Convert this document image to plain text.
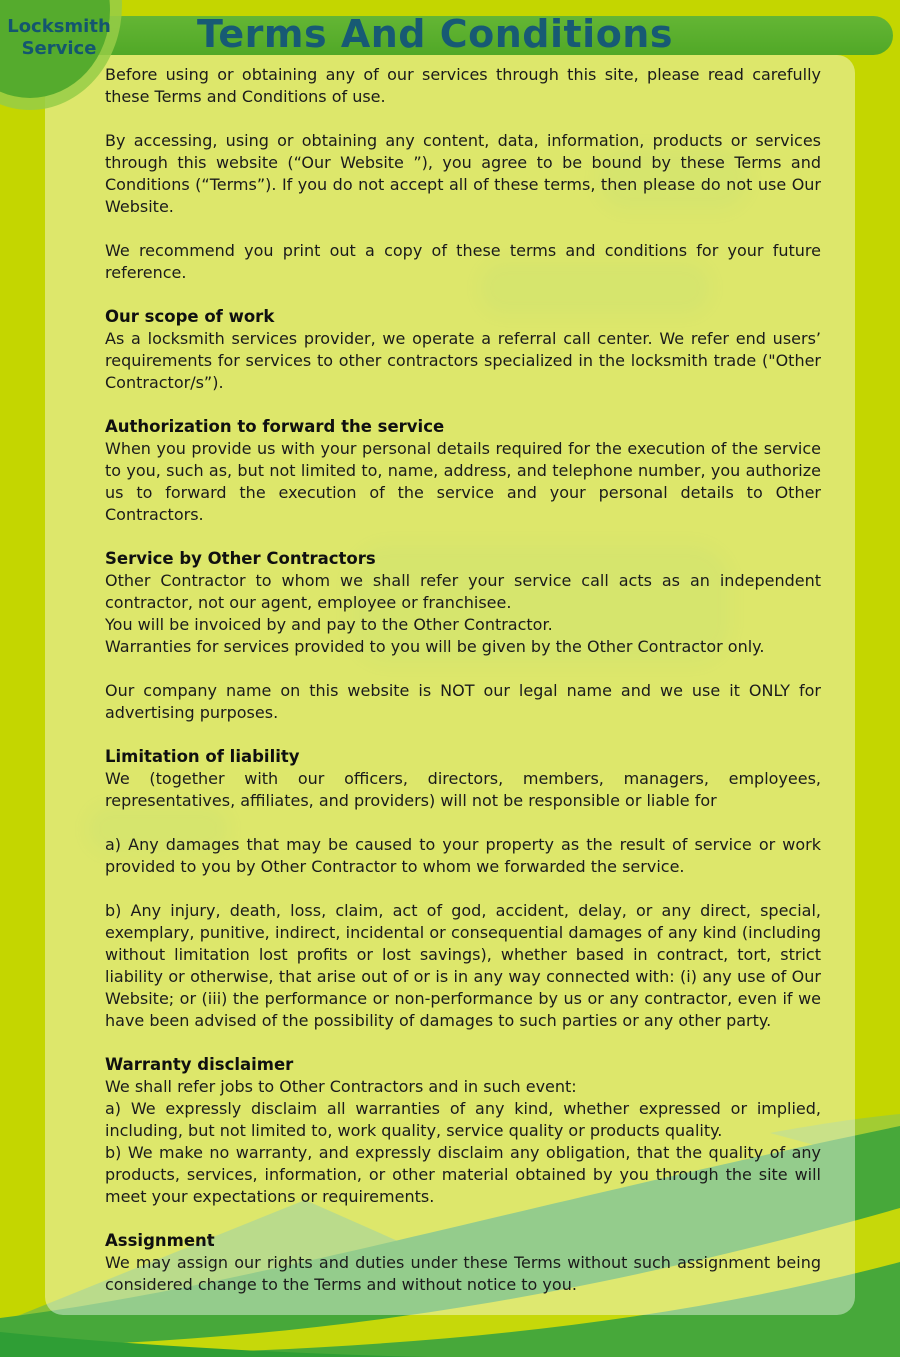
Terms And Conditions
Locksmith
Service

Before using or obtaining any of our services through this site, please read carefully these Terms and Conditions of use.

By accessing, using or obtaining any content, data, information, products or services through this website (“Our Website ”), you agree to be bound by these Terms and Conditions (“Terms”). If you do not accept all of these terms, then please do not use Our Website.

We recommend you print out a copy of these terms and conditions for your future reference.

Our scope of work

As a locksmith services provider, we operate a referral call center. We refer end users’ requirements for services to other contractors specialized in the locksmith trade ("Other Contractor/s”).

Authorization to forward the service

When you provide us with your personal details required for the execution of the service to you, such as, but not limited to, name, address, and telephone number, you authorize us to forward the execution of the service and your personal details to Other Contractors.

Service by Other Contractors

Other Contractor to whom we shall refer your service call acts as an independent contractor, not our agent, employee or franchisee.

You will be invoiced by and pay to the Other Contractor.

Warranties for services provided to you will be given by the Other Contractor only.

Our company name on this website is NOT our legal name and we use it ONLY for advertising purposes.

Limitation of liability

We (together with our officers, directors, members, managers, employees, representatives, affiliates, and providers) will not be responsible or liable for

a) Any damages that may be caused to your property as the result of service or work provided to you by Other Contractor to whom we forwarded the service.

b) Any injury, death, loss, claim, act of god, accident, delay, or any direct, special, exemplary, punitive, indirect, incidental or consequential damages of any kind (including without limitation lost profits or lost savings), whether based in contract, tort, strict liability or otherwise, that arise out of or is in any way connected with: (i) any use of Our Website; or (iii) the performance or non-performance by us or any contractor, even if we have been advised of the possibility of damages to such parties or any other party.

Warranty disclaimer

We shall refer jobs to Other Contractors and in such event:

a) We expressly disclaim all warranties of any kind, whether expressed or implied, including, but not limited to, work quality, service quality or products quality.

b) We make no warranty, and expressly disclaim any obligation, that the quality of any products, services, information, or other material obtained by you through the site will meet your expectations or requirements.

Assignment

We may assign our rights and duties under these Terms without such assignment being considered change to the Terms and without notice to you.
